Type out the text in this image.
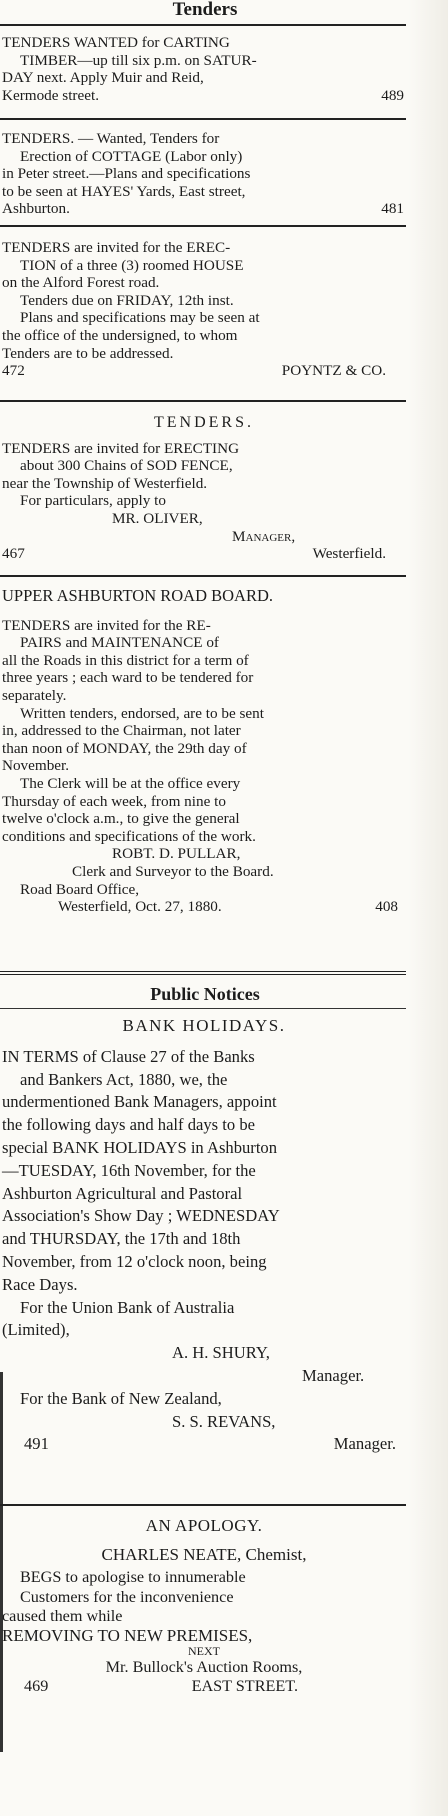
Tenders

TENDERS WANTED for CARTING

TIMBER—up till six p.m. on SATUR-

DAY next. Apply Muir and Reid,

Kermode street.	489

TENDERS. — Wanted, Tenders for

Erection of COTTAGE (Labor only)

in Peter street.—Plans and specifications

to be seen at HAYES' Yards, East street,

Ashburton.	481

TENDERS are invited for the EREC-

TION of a three (3) roomed HOUSE

on the Alford Forest road.

Tenders due on FRIDAY, 12th inst.

Plans and specifications may be seen at

the office of the undersigned, to whom

Tenders are to be addressed.

472	POYNTZ & CO.

TENDERS.

TENDERS are invited for ERECTING

about 300 Chains of SOD FENCE,

near the Township of Westerfield.

For particulars, apply to

MR. OLIVER,

Manager,

467	Westerfield.

UPPER ASHBURTON ROAD BOARD.

TENDERS are invited for the RE-

PAIRS and MAINTENANCE of

all the Roads in this district for a term of

three years ; each ward to be tendered for

separately.

Written tenders, endorsed, are to be sent

in, addressed to the Chairman, not later

than noon of MONDAY, the 29th day of

November.

The Clerk will be at the office every

Thursday of each week, from nine to

twelve o'clock a.m., to give the general

conditions and specifications of the work.

ROBT. D. PULLAR,

Clerk and Surveyor to the Board.

Road Board Office,

Westerfield, Oct. 27, 1880.	408

Public Notices

BANK HOLIDAYS.

IN TERMS of Clause 27 of the Banks

and Bankers Act, 1880, we, the

undermentioned Bank Managers, appoint

the following days and half days to be

special BANK HOLIDAYS in Ashburton

—TUESDAY, 16th November, for the

Ashburton Agricultural and Pastoral

Association's Show Day ; WEDNESDAY

and THURSDAY, the 17th and 18th

November, from 12 o'clock noon, being

Race Days.

For the Union Bank of Australia

(Limited),

A. H. SHURY,

Manager.

For the Bank of New Zealand,

S. S. REVANS,

491	Manager.

AN APOLOGY.

CHARLES NEATE, Chemist,

BEGS to apologise to innumerable

Customers for the inconvenience

caused them while

REMOVING TO NEW PREMISES,

NEXT

Mr. Bullock's Auction Rooms,

469	EAST STREET.
